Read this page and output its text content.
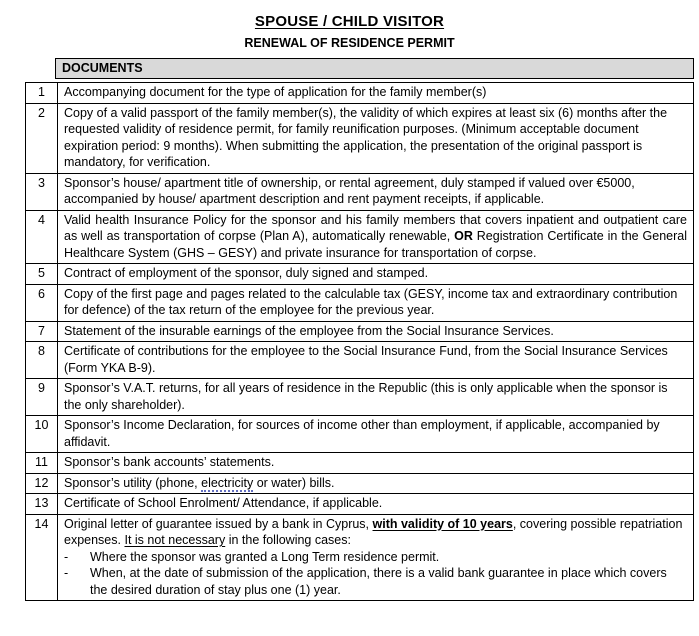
SPOUSE / CHILD VISITOR
RENEWAL OF RESIDENCE PERMIT
DOCUMENTS
1	Accompanying document for the type of application for the family member(s)
2	Copy of a valid passport of the family member(s), the validity of which expires at least six (6) months after the requested validity of residence permit, for family reunification purposes. (Minimum acceptable document expiration period: 9 months). When submitting the application, the presentation of the original passport is mandatory, for verification.
3	Sponsor’s house/ apartment title of ownership, or rental agreement, duly stamped if valued over €5000, accompanied by house/ apartment description and rent payment receipts, if applicable.
4	Valid health Insurance Policy for the sponsor and his family members that covers inpatient and outpatient care as well as transportation of corpse (Plan A), automatically renewable, OR Registration Certificate in the General Healthcare System (GHS – GESY) and private insurance for transportation of corpse.
5	Contract of employment of the sponsor, duly signed and stamped.
6	Copy of the first page and pages related to the calculable tax (GESY, income tax and extraordinary contribution for defence) of the tax return of the employee for the previous year.
7	Statement of the insurable earnings of the employee from the Social Insurance Services.
8	Certificate of contributions for the employee to the Social Insurance Fund, from the Social Insurance Services (Form YKA B-9).
9	Sponsor’s V.A.T. returns, for all years of residence in the Republic (this is only applicable when the sponsor is the only shareholder).
10	Sponsor’s Income Declaration, for sources of income other than employment, if applicable, accompanied by affidavit.
11	Sponsor’s bank accounts’ statements.
12	Sponsor’s utility (phone, electricity or water) bills.
13	Certificate of School Enrolment/ Attendance, if applicable.
14	Original letter of guarantee issued by a bank in Cyprus, with validity of 10 years, covering possible repatriation expenses. It is not necessary in the following cases:
- Where the sponsor was granted a Long Term residence permit.
- When, at the date of submission of the application, there is a valid bank guarantee in place which covers the desired duration of stay plus one (1) year.
